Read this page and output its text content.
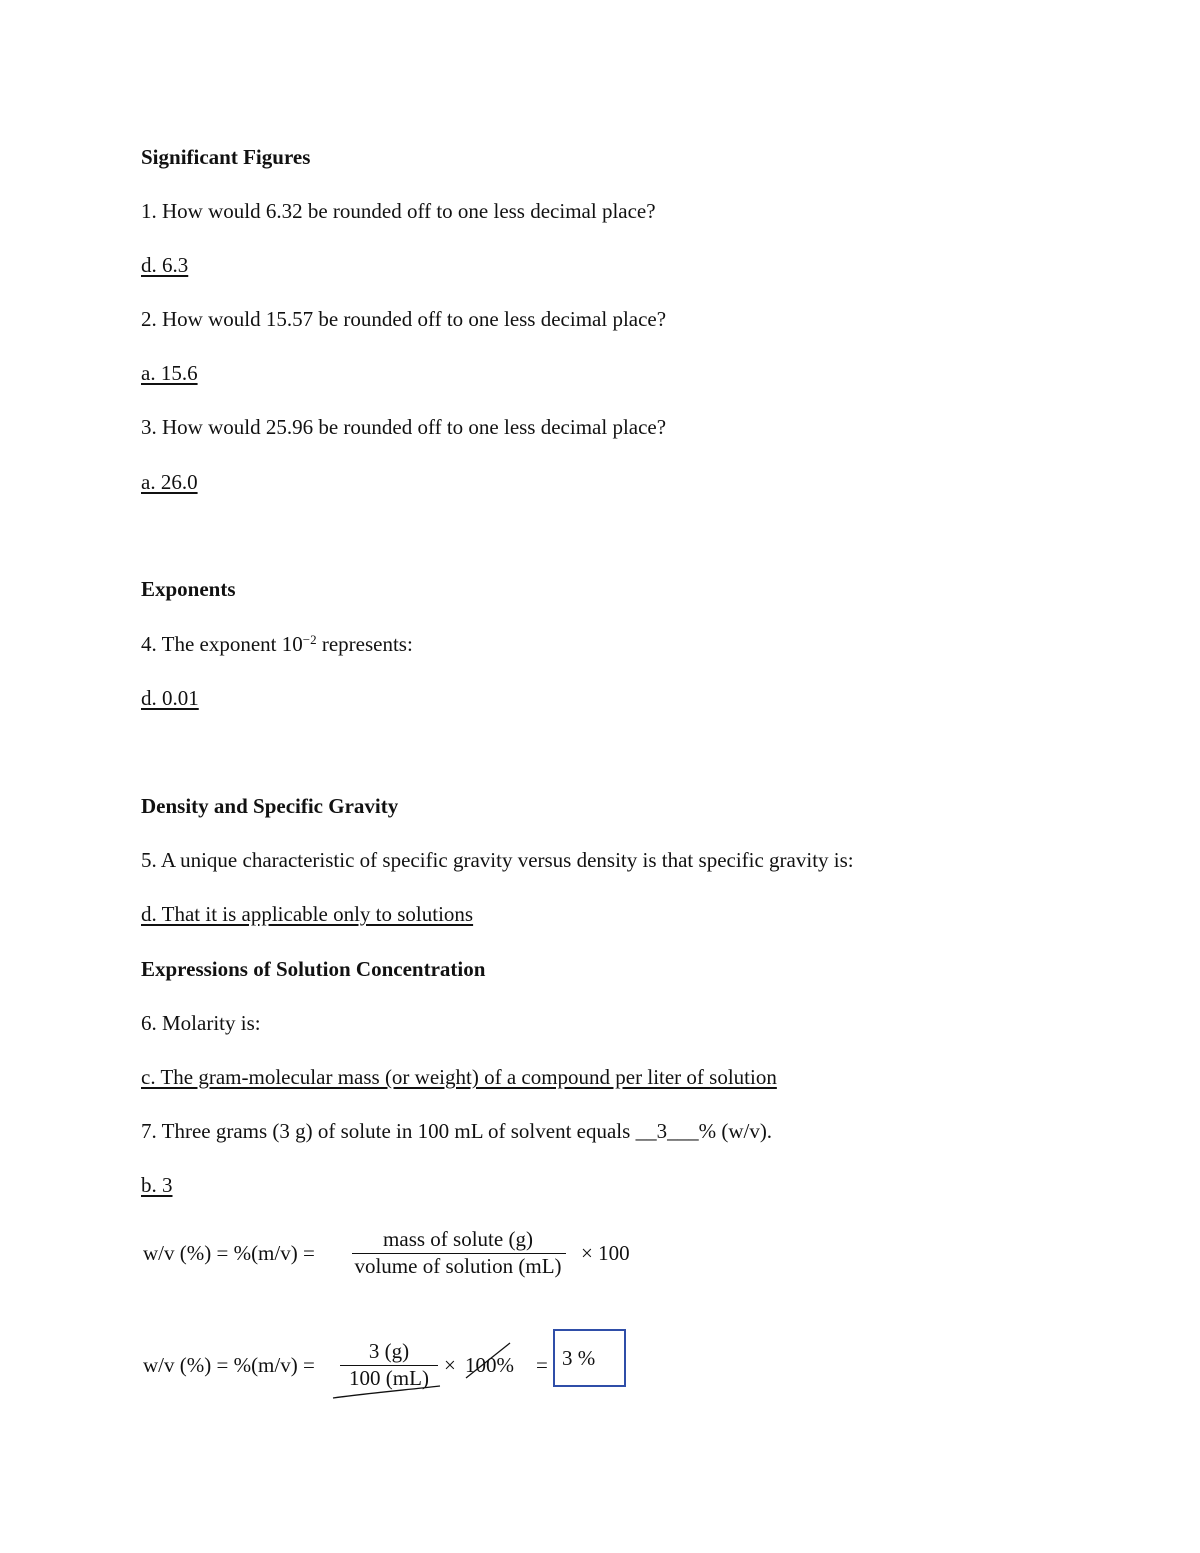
Significant Figures
1. How would 6.32 be rounded off to one less decimal place?
d. 6.3
2. How would 15.57 be rounded off to one less decimal place?
a. 15.6
3. How would 25.96 be rounded off to one less decimal place?
a. 26.0
Exponents
4. The exponent $10^{-2}$ represents:
d. 0.01
Density and Specific Gravity
5. A unique characteristic of specific gravity versus density is that specific gravity is:
d. That it is applicable only to solutions
Expressions of Solution Concentration
6. Molarity is:
c. The gram-molecular mass (or weight) of a compound per liter of solution
7. Three grams (3 g) of solute in 100 mL of solvent equals __3___% (w/v).
b. 3
w/v (%) = %(m/v) =
mass of solute (g)
volume of solution (mL)
× 100
w/v (%) = %(m/v) =
3 (g)
100 (mL)
× 100% = 3 %
